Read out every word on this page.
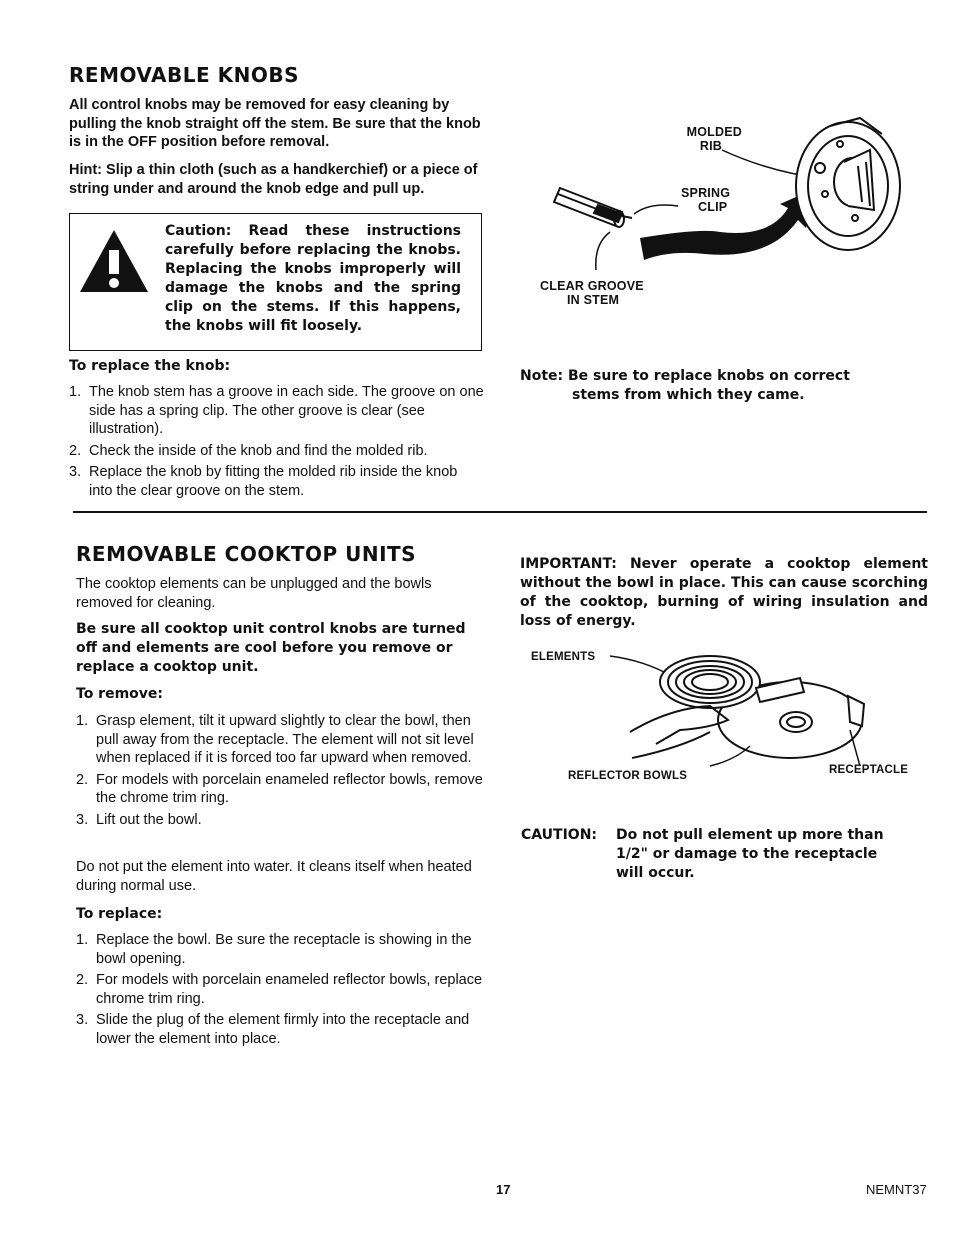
REMOVABLE KNOBS

All control knobs may be removed for easy cleaning by pulling the knob straight off the stem. Be sure that the knob is in the OFF position before removal.

Hint: Slip a thin cloth (such as a handkerchief) or a piece of string under and around the knob edge and pull up.

Caution: Read these instructions carefully before replacing the knobs. Replacing the knobs improperly will damage the knobs and the spring clip on the stems. If this happens, the knobs will fit loosely.
To replace the knob:
1. The knob stem has a groove in each side. The groove on one side has a spring clip. The other groove is clear (see illustration).
2. Check the inside of the knob and find the molded rib.
3. Replace the knob by fitting the molded rib inside the knob into the clear groove on the stem.
MOLDED
RIB
SPRING
CLIP
CLEAR GROOVE
IN STEM
Note: Be sure to replace knobs on correct
stems from which they came.
REMOVABLE COOKTOP UNITS

The cooktop elements can be unplugged and the bowls removed for cleaning.

Be sure all cooktop unit control knobs are turned off and elements are cool before you remove or replace a cooktop unit.
To remove:
1. Grasp element, tilt it upward slightly to clear the bowl, then pull away from the receptacle. The element will not sit level when replaced if it is forced too far upward when removed.
2. For models with porcelain enameled reflector bowls, remove the chrome trim ring.
3. Lift out the bowl.

Do not put the element into water. It cleans itself when heated during normal use.

To replace:
1. Replace the bowl. Be sure the receptacle is showing in the bowl opening.
2. For models with porcelain enameled reflector bowls, replace chrome trim ring.
3. Slide the plug of the element firmly into the receptacle and lower the element into place.
IMPORTANT: Never operate a cooktop element without the bowl in place. This can cause scorching of the cooktop, burning of wiring insulation and loss of energy.
ELEMENTS
REFLECTOR BOWLS	RECEPTACLE
CAUTION: Do not pull element up more than
1/2" or damage to the receptacle
will occur.
17	NEMNT37
